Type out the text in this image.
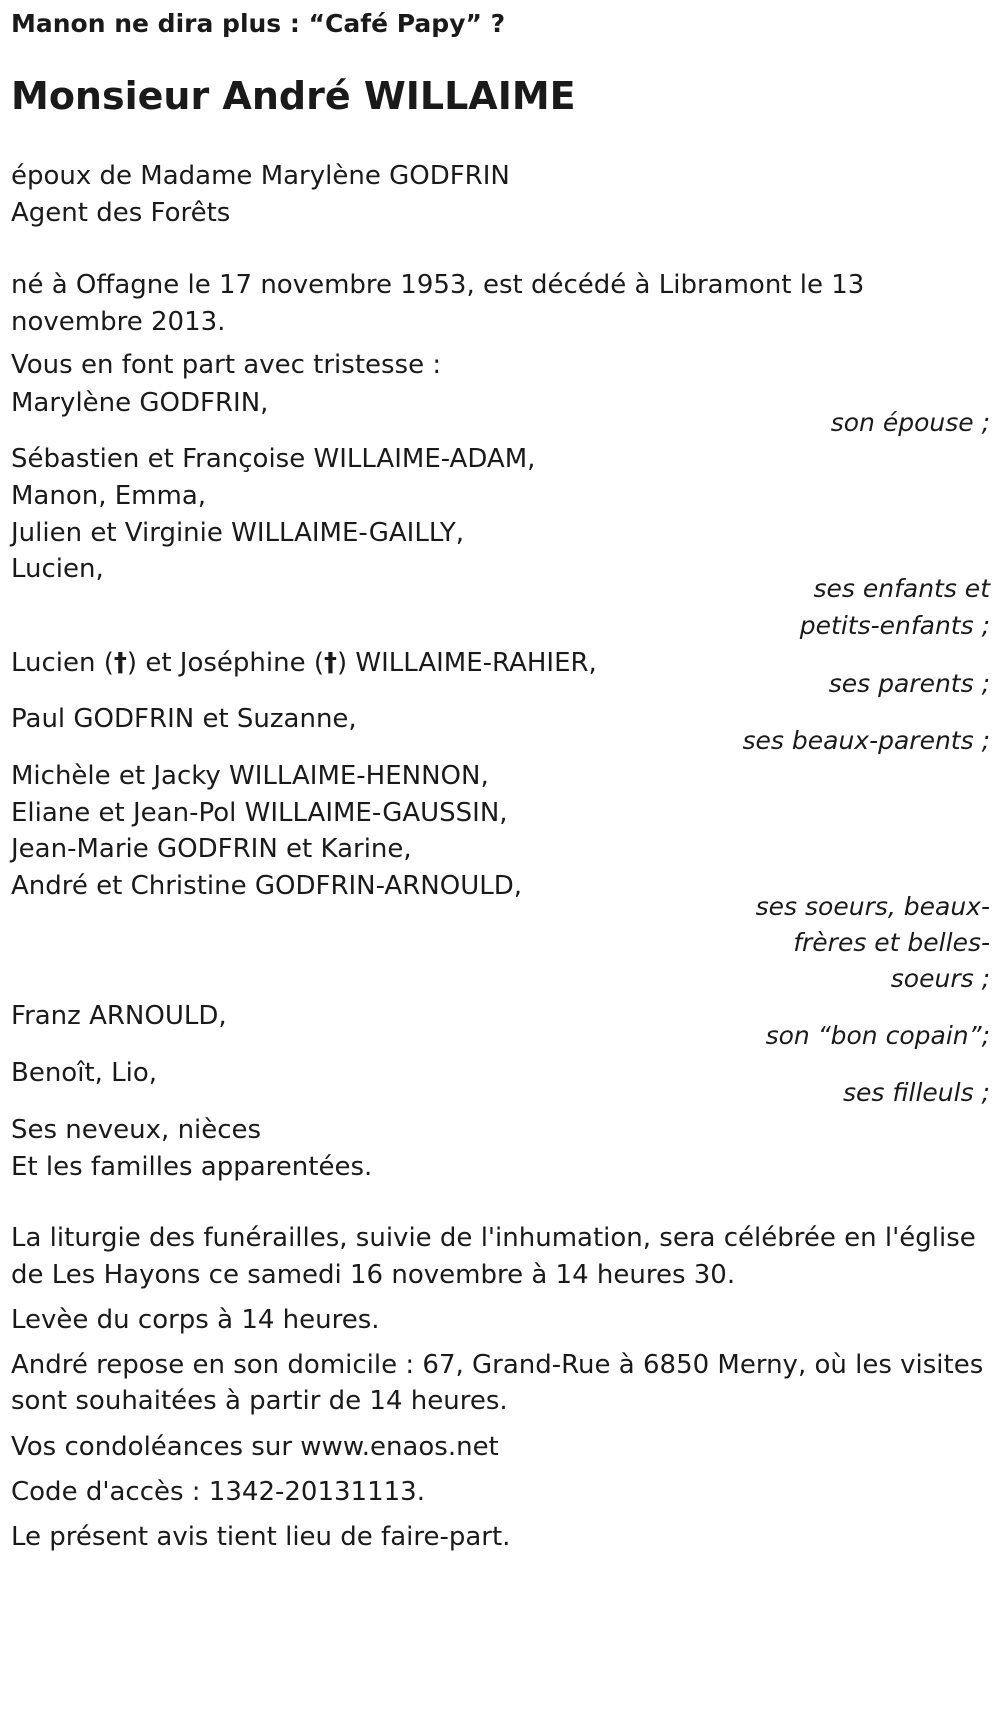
Manon ne dira plus : “Café Papy” ?
Monsieur André WILLAIME
époux de Madame Marylène GODFRIN
Agent des Forêts
né à Offagne le 17 novembre 1953, est décédé à Libramont le 13
novembre 2013.
Vous en font part avec tristesse :
Marylène GODFRIN,
son épouse ;
Sébastien et Françoise WILLAIME-ADAM,
Manon, Emma,
Julien et Virginie WILLAIME-GAILLY,
Lucien,
ses enfants et
petits-enfants ;
Lucien (†) et Joséphine (†) WILLAIME-RAHIER,
ses parents ;
Paul GODFRIN et Suzanne,
ses beaux-parents ;
Michèle et Jacky WILLAIME-HENNON,
Eliane et Jean-Pol WILLAIME-GAUSSIN,
Jean-Marie GODFRIN et Karine,
André et Christine GODFRIN-ARNOULD,
ses soeurs, beaux-
frères et belles-
soeurs ;
Franz ARNOULD,
son “bon copain”;
Benoît, Lio,
ses filleuls ;
Ses neveux, nièces
Et les familles apparentées.
La liturgie des funérailles, suivie de l'inhumation, sera célébrée en l'église
de Les Hayons ce samedi 16 novembre à 14 heures 30.
Levèe du corps à 14 heures.
André repose en son domicile : 67, Grand-Rue à 6850 Merny, où les visites
sont souhaitées à partir de 14 heures.
Vos condoléances sur www.enaos.net
Code d'accès : 1342-20131113.
Le présent avis tient lieu de faire-part.
